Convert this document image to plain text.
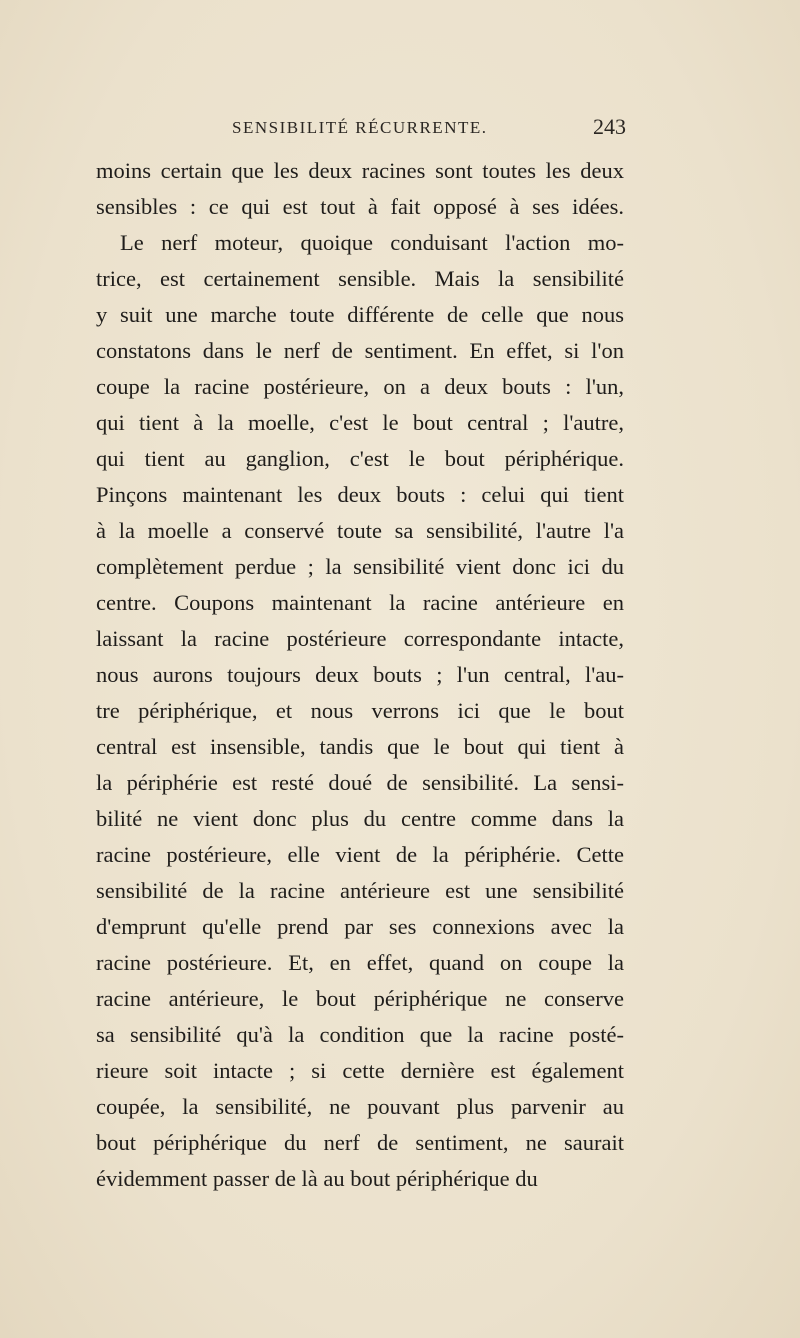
SENSIBILITÉ RÉCURRENTE.	243
moins certain que les deux racines sont toutes les deux
sensibles : ce qui est tout à fait opposé à ses idées.
Le nerf moteur, quoique conduisant l'action mo-
trice, est certainement sensible. Mais la sensibilité
y suit une marche toute différente de celle que nous
constatons dans le nerf de sentiment. En effet, si l'on
coupe la racine postérieure, on a deux bouts : l'un,
qui tient à la moelle, c'est le bout central ; l'autre,
qui tient au ganglion, c'est le bout périphérique.
Pinçons maintenant les deux bouts : celui qui tient
à la moelle a conservé toute sa sensibilité, l'autre l'a
complètement perdue ; la sensibilité vient donc ici du
centre. Coupons maintenant la racine antérieure en
laissant la racine postérieure correspondante intacte,
nous aurons toujours deux bouts ; l'un central, l'au-
tre périphérique, et nous verrons ici que le bout
central est insensible, tandis que le bout qui tient à
la périphérie est resté doué de sensibilité. La sensi-
bilité ne vient donc plus du centre comme dans la
racine postérieure, elle vient de la périphérie. Cette
sensibilité de la racine antérieure est une sensibilité
d'emprunt qu'elle prend par ses connexions avec la
racine postérieure. Et, en effet, quand on coupe la
racine antérieure, le bout périphérique ne conserve
sa sensibilité qu'à la condition que la racine posté-
rieure soit intacte ; si cette dernière est également
coupée, la sensibilité, ne pouvant plus parvenir au
bout périphérique du nerf de sentiment, ne saurait
évidemment passer de là au bout périphérique du
